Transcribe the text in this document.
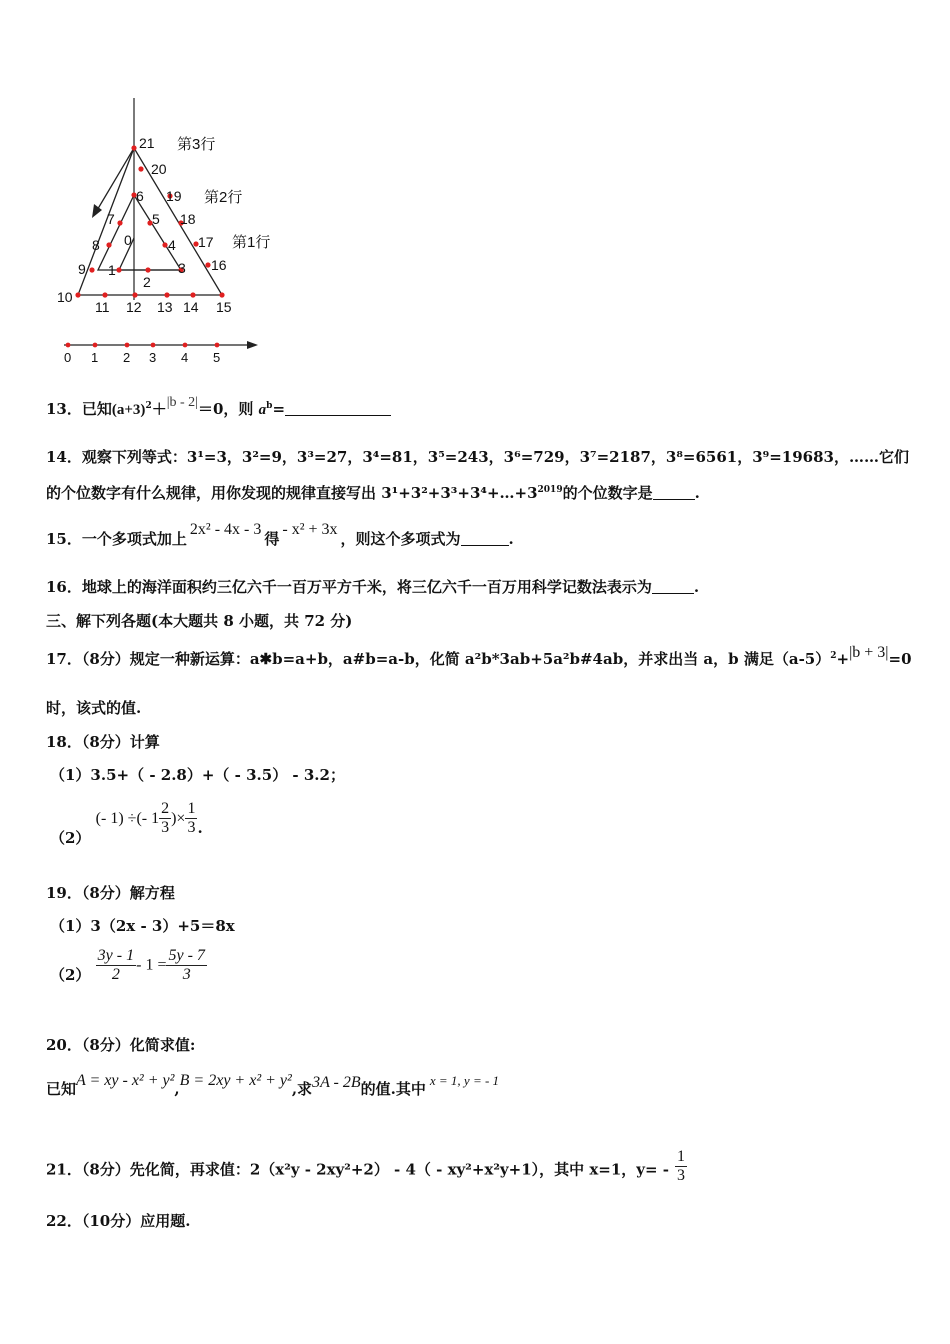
21
20
6 19
7	5 18
0
8	4 17
9 1	3 16
2
10
11 12 13 14 15
第3行
第2行
第1行
0 1 2 3 4 5
13．已知$(a+3)^2+|b - 2|=0$，则 $a^b=$
14．观察下列等式：3¹=3，3²=9，3³=27，3⁴=81，3⁵=243，3⁶=729，3⁷=2187，3⁸=6561，3⁹=19683，……它们
的个位数字有什么规律，用你发现的规律直接写出 $3^1+3^2+3^3+3^4+\dots+3^{2019}$的个位数字是	.
15．一个多项式加上2x² - 4x - 3得- x² + 3x，则这个多项式为	.
16．地球上的海洋面积约三亿六千一百万平方千米，将三亿六千一百万用科学记数法表示为	.
三、解下列各题(本大题共 8 小题，共 72 分)
17．（8分）规定一种新运算：a✱b=a+b，a#b=a-b，化简 a²b*3ab+5a²b#4ab，并求出当 a，b 满足$(a-5)^2+|b + 3|=0$
时，该式的值.
18．（8分）计算
（1）3.5+（ - 2.8）+（ - 3.5） - 3.2；
（2） (- 1) ÷(- $1 \frac{2}{3}$ )× $\frac{1}{3}$ .
19．（8分）解方程
（1）3（2x - 3）+5＝8x
$(2) \frac{3y - 1}{2} - 1 = \frac{5y - 7}{3}$
20．（8分）化简求值:
已知A = xy - x² + y²,B = 2xy + x² + y²,求3A - 2B的值.其中 x = 1, y = - 1
21．（8分）先化简，再求值：2（x²y - 2xy²+2） - 4（ - xy²+x²y+1），其中 x=1，$y= - \frac{1}{3}$
22．（10分）应用题.
